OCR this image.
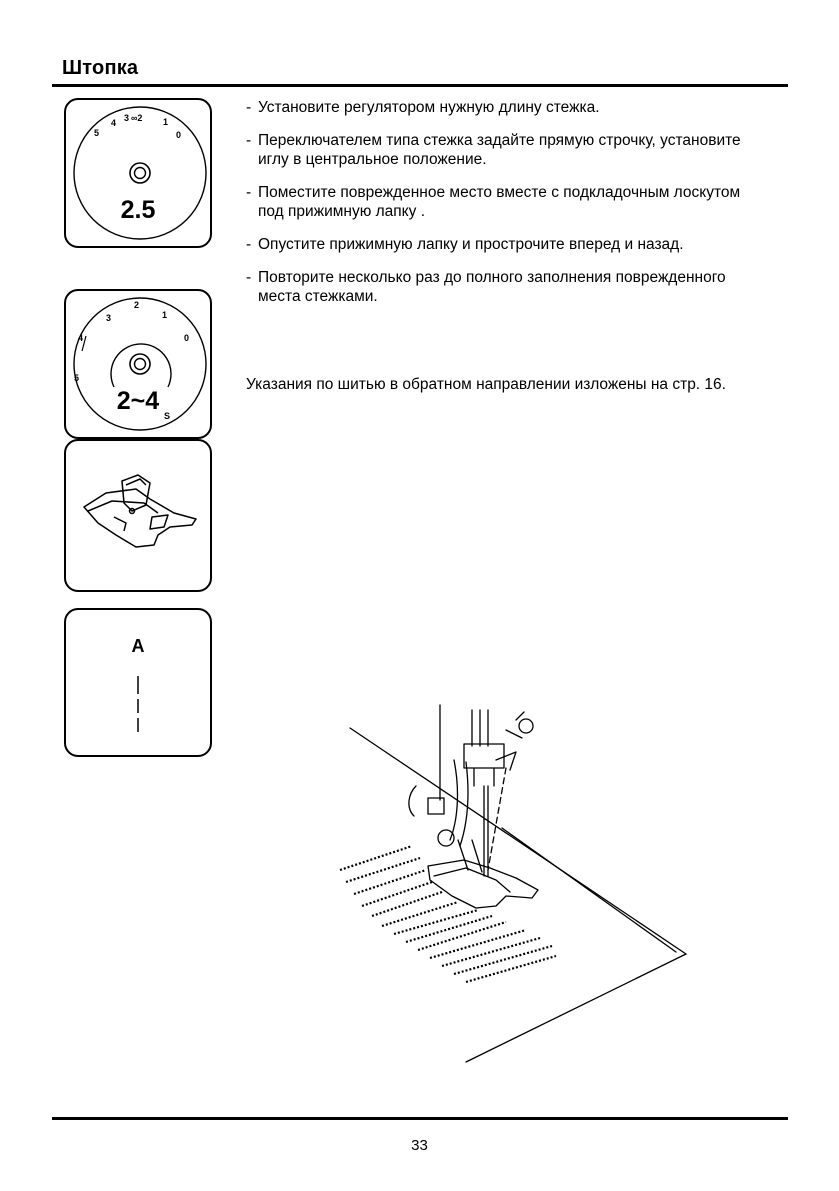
Штопка
5
4 3 ∞2 1
0
2.5
2
3	1
0
4
5
S
2~4
A
- Установите регулятором нужную длину стежка.
- Переключателем типа стежка задайте прямую строчку, установите иглу в центральное положение.
- Поместите поврежденное место вместе с подкладочным лоскутом под прижимную лапку .
- Опустите прижимную лапку и прострочите вперед и назад.
- Повторите несколько раз до полного заполнения поврежденного места стежками.
Указания по шитью в обратном направлении изложены на стр. 16.
33
